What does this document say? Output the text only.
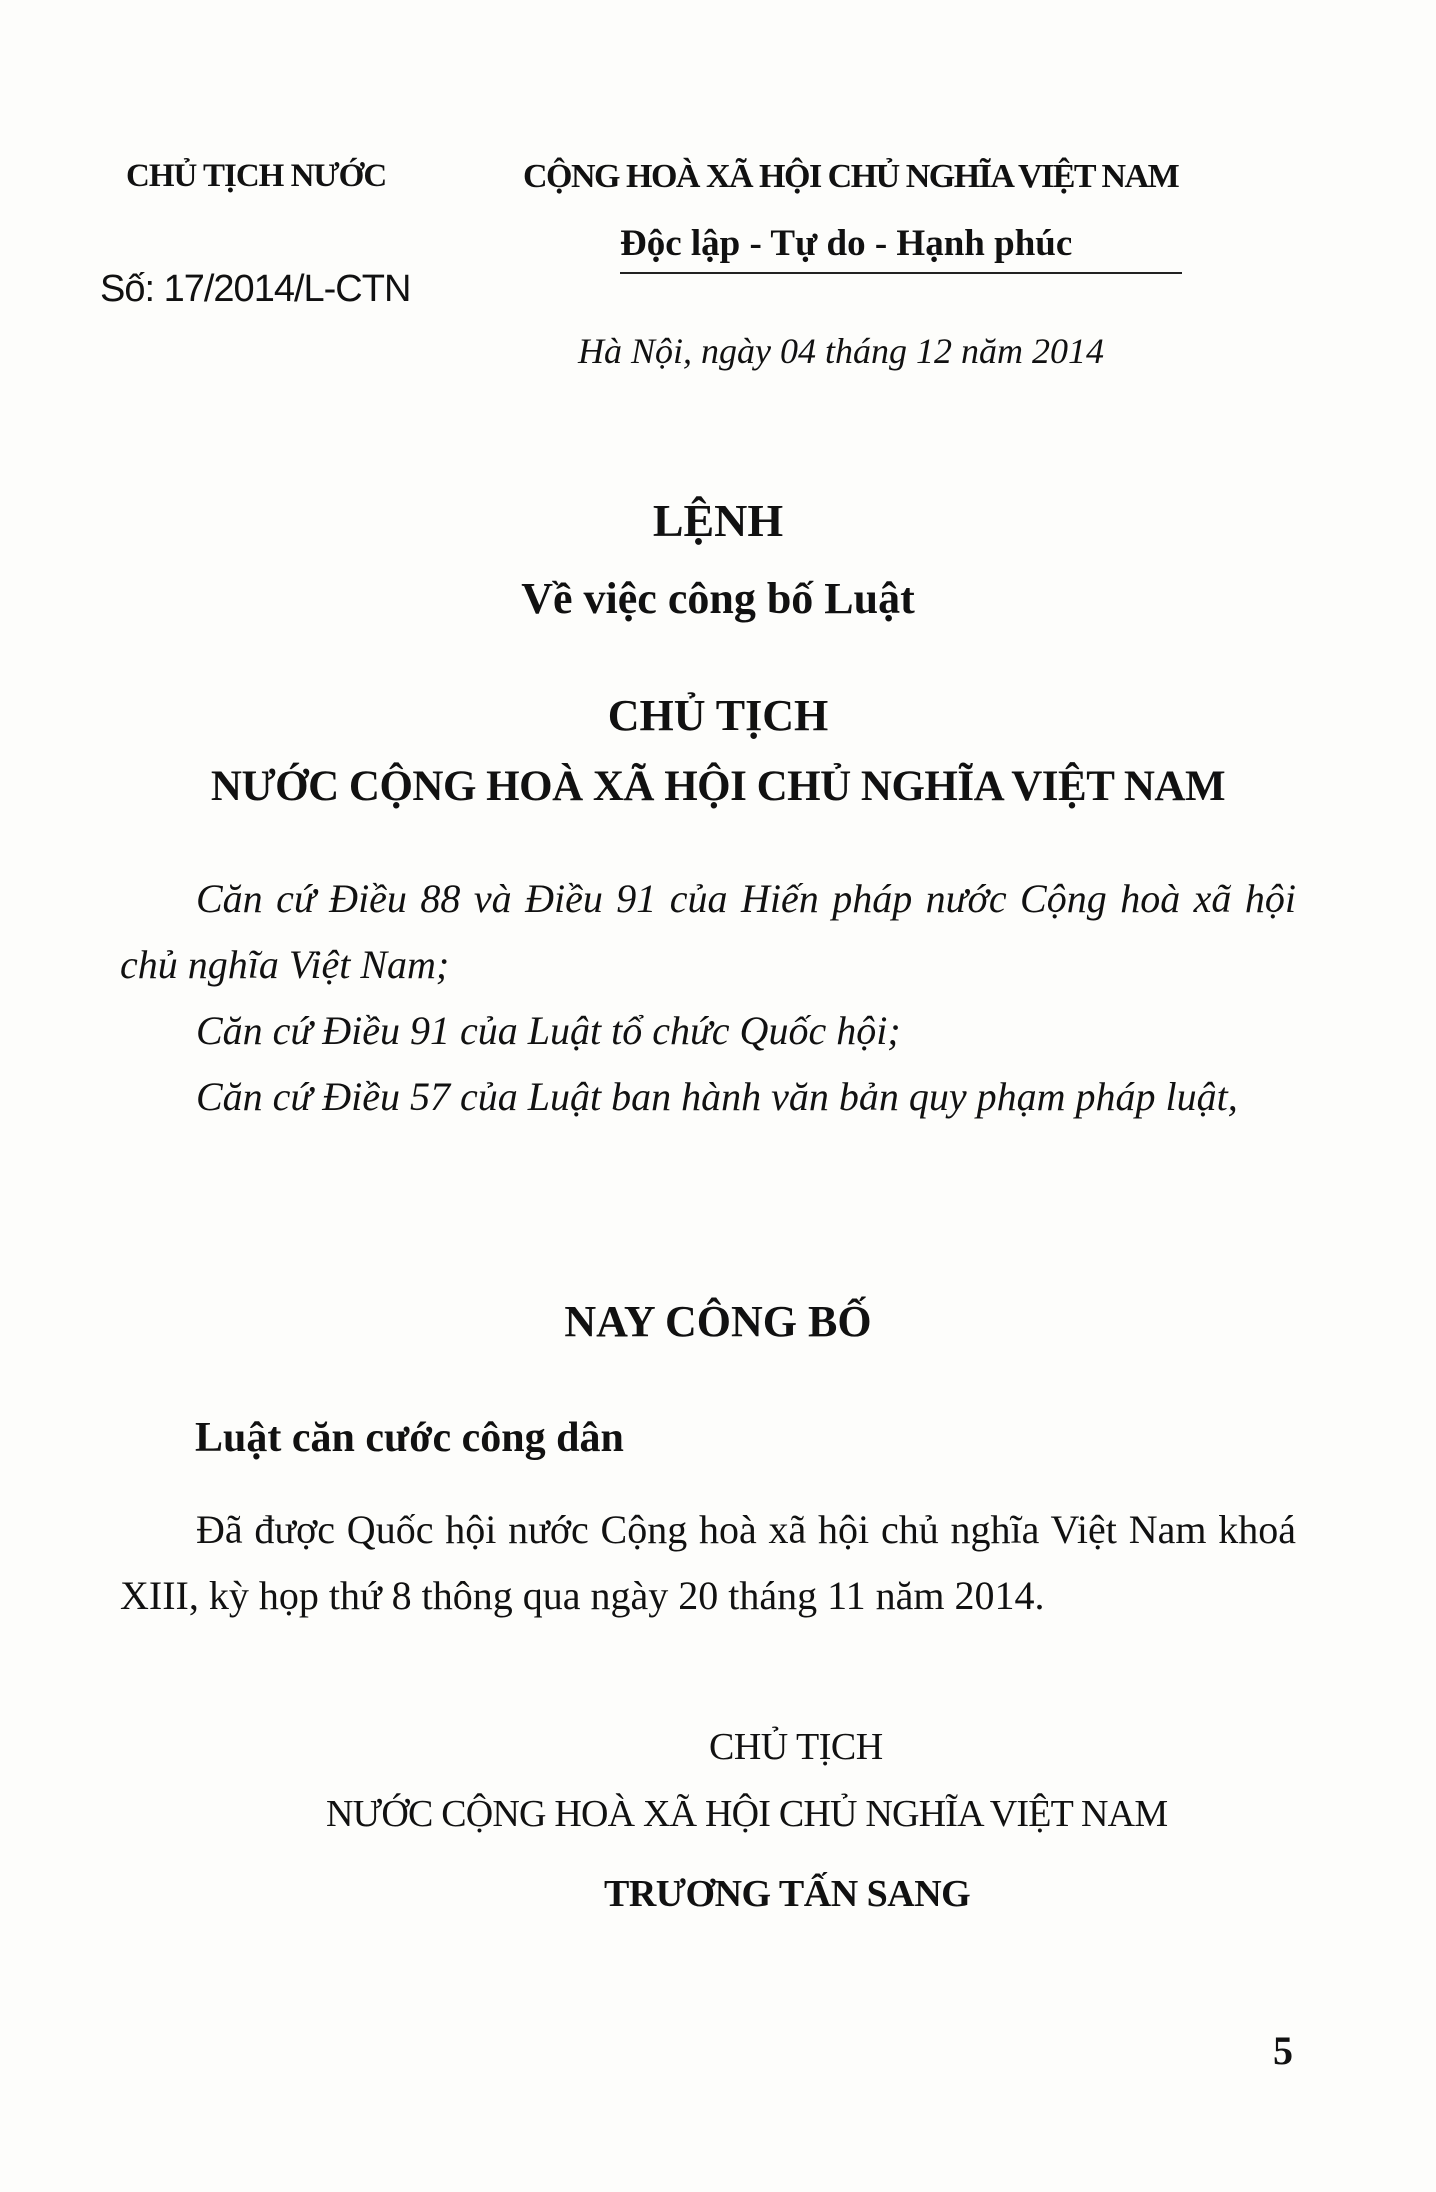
CHỦ TỊCH NƯỚC
Số: 17/2014/L-CTN
CỘNG HOÀ XÃ HỘI CHỦ NGHĨA VIỆT NAM
Độc lập - Tự do - Hạnh phúc
Hà Nội, ngày 04 tháng 12 năm 2014
LỆNH
Về việc công bố Luật
CHỦ TỊCH
NƯỚC CỘNG HOÀ XÃ HỘI CHỦ NGHĨA VIỆT NAM

Căn cứ Điều 88 và Điều 91 của Hiến pháp nước Cộng hoà xã hội chủ nghĩa Việt Nam;

Căn cứ Điều 91 của Luật tổ chức Quốc hội;

Căn cứ Điều 57 của Luật ban hành văn bản quy phạm pháp luật,

NAY CÔNG BỐ
Luật căn cước công dân

Đã được Quốc hội nước Cộng hoà xã hội chủ nghĩa Việt Nam khoá XIII, kỳ họp thứ 8 thông qua ngày 20 tháng 11 năm 2014.

CHỦ TỊCH
NƯỚC CỘNG HOÀ XÃ HỘI CHỦ NGHĨA VIỆT NAM
TRƯƠNG TẤN SANG
5
